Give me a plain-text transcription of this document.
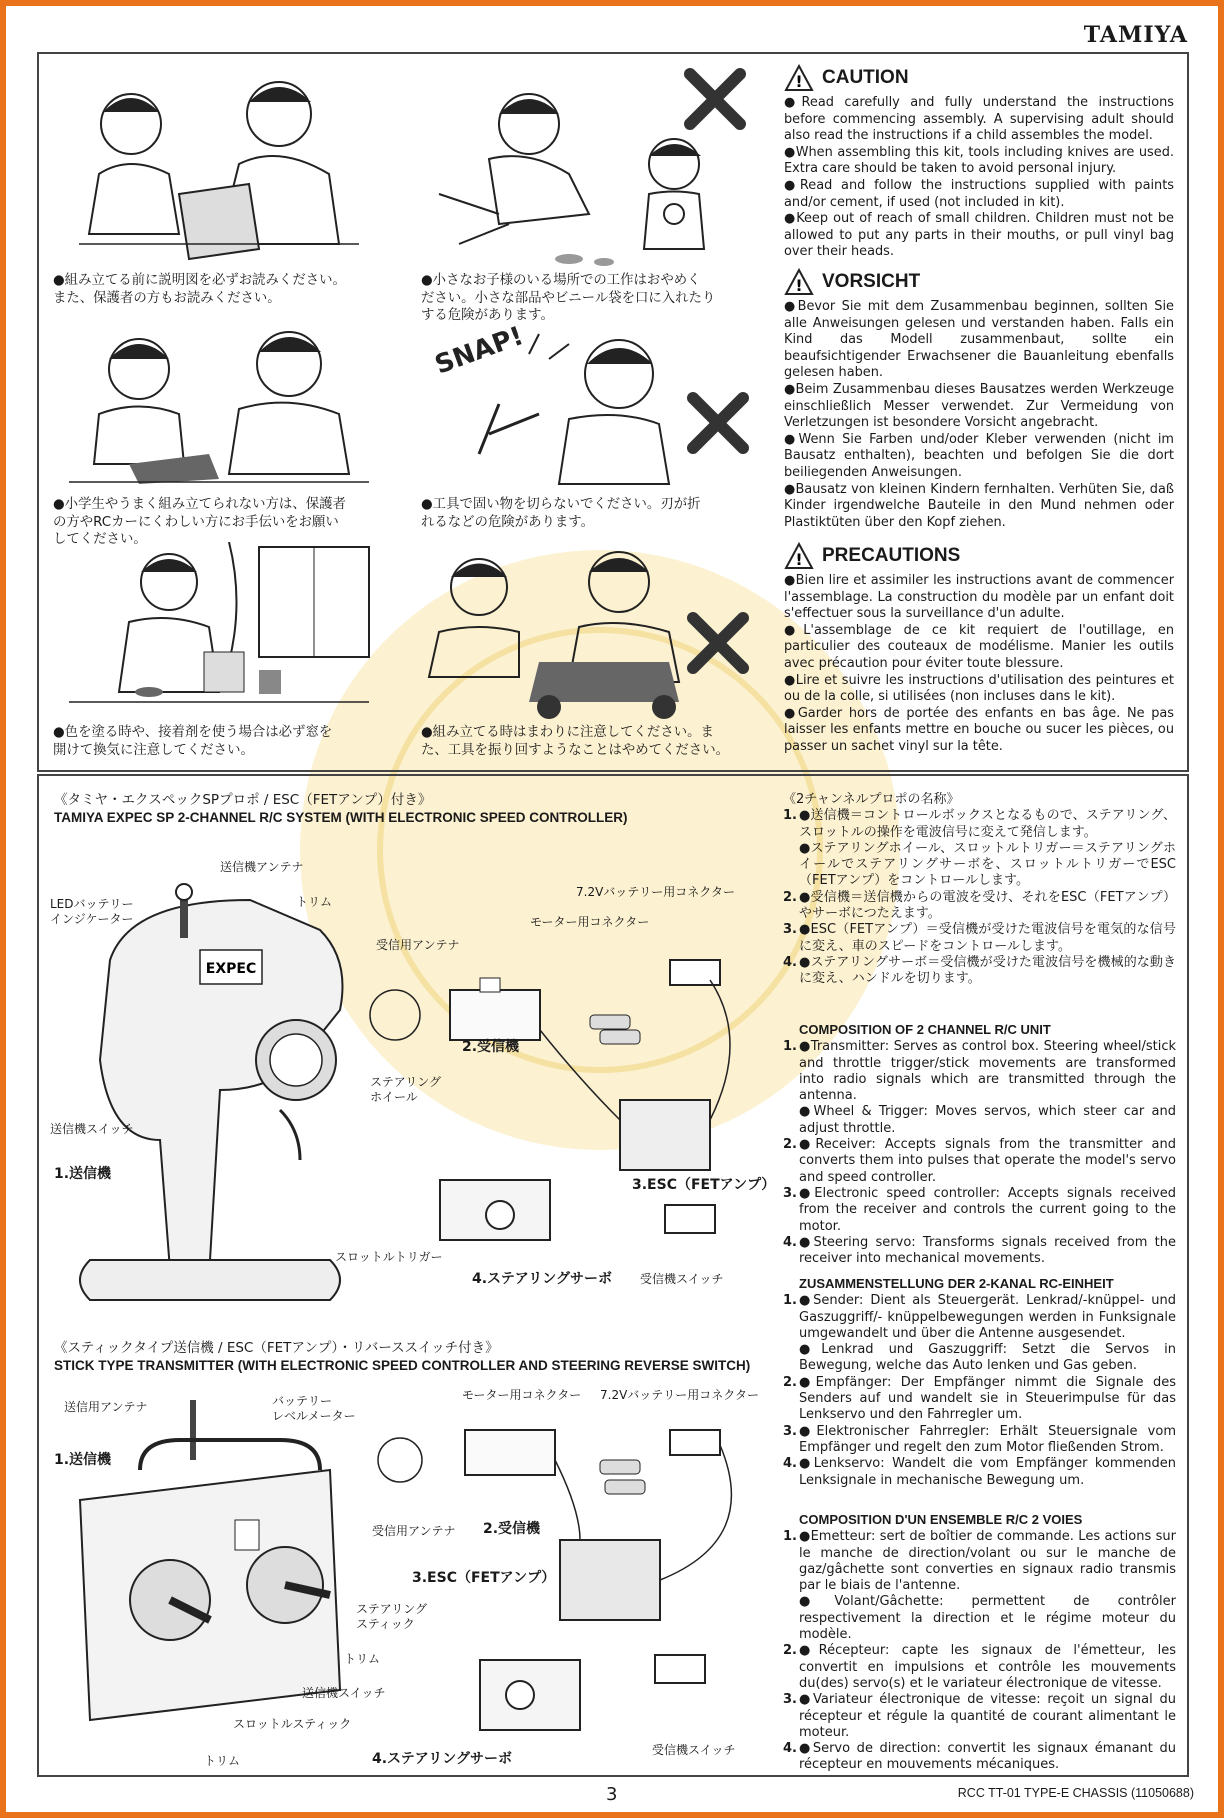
TAMIYA

●組み立てる前に説明図を必ずお読みください。

また、保護者の方もお読みください。

●小さなお子様のいる場所での工作はおやめく

ださい。小さな部品やビニール袋を口に入れたり

する危険があります。

●小学生やうまく組み立てられない方は、保護者

の方やRCカーにくわしい方にお手伝いをお願い

してください。

SNAP!

●工具で固い物を切らないでください。刃が折

れるなどの危険があります。

●色を塗る時や、接着剤を使う場合は必ず窓を

開けて換気に注意してください。

●組み立てる時はまわりに注意してください。ま

た、工具を振り回すようなことはやめてください。

! CAUTION

●Read carefully and fully understand the instructions before commencing assembly. A supervising adult should also read the instructions if a child assembles the model.

●When assembling this kit, tools including knives are used. Extra care should be taken to avoid personal injury.

●Read and follow the instructions supplied with paints and/or cement, if used (not included in kit).

●Keep out of reach of small children. Children must not be allowed to put any parts in their mouths, or pull vinyl bag over their heads.

! VORSICHT

●Bevor Sie mit dem Zusammenbau beginnen, sollten Sie alle Anweisungen gelesen und verstanden haben. Falls ein Kind das Modell zusammenbaut, sollte ein beaufsichtigender Erwachsener die Bauanleitung ebenfalls gelesen haben.

●Beim Zusammenbau dieses Bausatzes werden Werkzeuge einschließlich Messer verwendet. Zur Vermeidung von Verletzungen ist besondere Vorsicht angebracht.

●Wenn Sie Farben und/oder Kleber verwenden (nicht im Bausatz enthalten), beachten und befolgen Sie die dort beiliegenden Anweisungen.

●Bausatz von kleinen Kindern fernhalten. Verhüten Sie, daß Kinder irgendwelche Bauteile in den Mund nehmen oder Plastiktüten über den Kopf ziehen.

! PRECAUTIONS

●Bien lire et assimiler les instructions avant de commencer l'assemblage. La construction du modèle par un enfant doit s'effectuer sous la surveillance d'un adulte.

●L'assemblage de ce kit requiert de l'outillage, en particulier des couteaux de modélisme. Manier les outils avec précaution pour éviter toute blessure.

●Lire et suivre les instructions d'utilisation des peintures et ou de la colle, si utilisées (non incluses dans le kit).

●Garder hors de portée des enfants en bas âge. Ne pas laisser les enfants mettre en bouche ou sucer les pièces, ou passer un sachet vinyl sur la tête.

《タミヤ・エクスペックSPプロポ / ESC（FETアンプ）付き》
TAMIYA EXPEC SP 2-CHANNEL R/C SYSTEM (WITH ELECTRONIC SPEED CONTROLLER)
EXPEC
送信機アンテナ
LEDバッテリー
インジケーター
トリム
受信用アンテナ
モーター用コネクター
7.2Vバッテリー用コネクター
2.受信機
ステアリング
ホイール
送信機スイッチ
1.送信機
3.ESC（FETアンプ）
スロットルトリガー
4.ステアリングサーボ 受信機スイッチ
《スティックタイプ送信機 / ESC（FETアンプ）・リバーススイッチ付き》
STICK TYPE TRANSMITTER (WITH ELECTRONIC SPEED CONTROLLER AND STEERING REVERSE SWITCH)
送信用アンテナ	バッテリー
レベルメーター
1.送信機
モーター用コネクター 7.2Vバッテリー用コネクター
受信用アンテナ 2.受信機
3.ESC（FETアンプ）
ステアリング
スティック
トリム
送信機スイッチ
スロットルスティック
トリム	4.ステアリングサーボ
受信機スイッチ
《2チャンネルプロポの名称》
1. ●送信機＝コントロールボックスとなるもので、ステアリング、スロットルの操作を電波信号に変えて発信します。
●ステアリングホイール、スロットルトリガー＝ステアリングホイールでステアリングサーボを、スロットルトリガーでESC（FETアンプ）をコントロールします。
2. ●受信機＝送信機からの電波を受け、それをESC（FETアンプ）やサーボにつたえます。
3. ●ESC（FETアンプ）＝受信機が受けた電波信号を電気的な信号に変え、車のスピードをコントロールします。
4. ●ステアリングサーボ＝受信機が受けた電波信号を機械的な動きに変え、ハンドルを切ります。
COMPOSITION OF 2 CHANNEL R/C UNIT
1. ●Transmitter: Serves as control box. Steering wheel/stick and throttle trigger/stick movements are transformed into radio signals which are transmitted through the antenna.
●Wheel & Trigger: Moves servos, which steer car and adjust throttle.
2. ●Receiver: Accepts signals from the transmitter and converts them into pulses that operate the model's servo and speed controller.
3. ●Electronic speed controller: Accepts signals received from the receiver and controls the current going to the motor.
4. ●Steering servo: Transforms signals received from the receiver into mechanical movements.
ZUSAMMENSTELLUNG DER 2-KANAL RC-EINHEIT
1. ●Sender: Dient als Steuergerät. Lenkrad/-knüppel- und Gaszuggriff/- knüppelbewegungen werden in Funksignale umgewandelt und über die Antenne ausgesendet.
●Lenkrad und Gaszuggriff: Setzt die Servos in Bewegung, welche das Auto lenken und Gas geben.
2. ●Empfänger: Der Empfänger nimmt die Signale des Senders auf und wandelt sie in Steuerimpulse für das Lenkservo und den Fahrregler um.
3. ●Elektronischer Fahrregler: Erhält Steuersignale vom Empfänger und regelt den zum Motor fließenden Strom.
4. ●Lenkservo: Wandelt die vom Empfänger kommenden Lenksignale in mechanische Bewegung um.
COMPOSITION D'UN ENSEMBLE R/C 2 VOIES
1. ●Emetteur: sert de boîtier de commande. Les actions sur le manche de direction/volant ou sur le manche de gaz/gâchette sont converties en signaux radio transmis par le biais de l'antenne.
●Volant/Gâchette: permettent de contrôler respectivement la direction et le régime moteur du modèle.
2. ●Récepteur: capte les signaux de l'émetteur, les convertit en impulsions et contrôle les mouvements du(des) servo(s) et le variateur électronique de vitesse.
3. ●Variateur électronique de vitesse: reçoit un signal du récepteur et régule la quantité de courant alimentant le moteur.
4. ●Servo de direction: convertit les signaux émanant du récepteur en mouvements mécaniques.
3	RCC TT-01 TYPE-E CHASSIS (11050688)
